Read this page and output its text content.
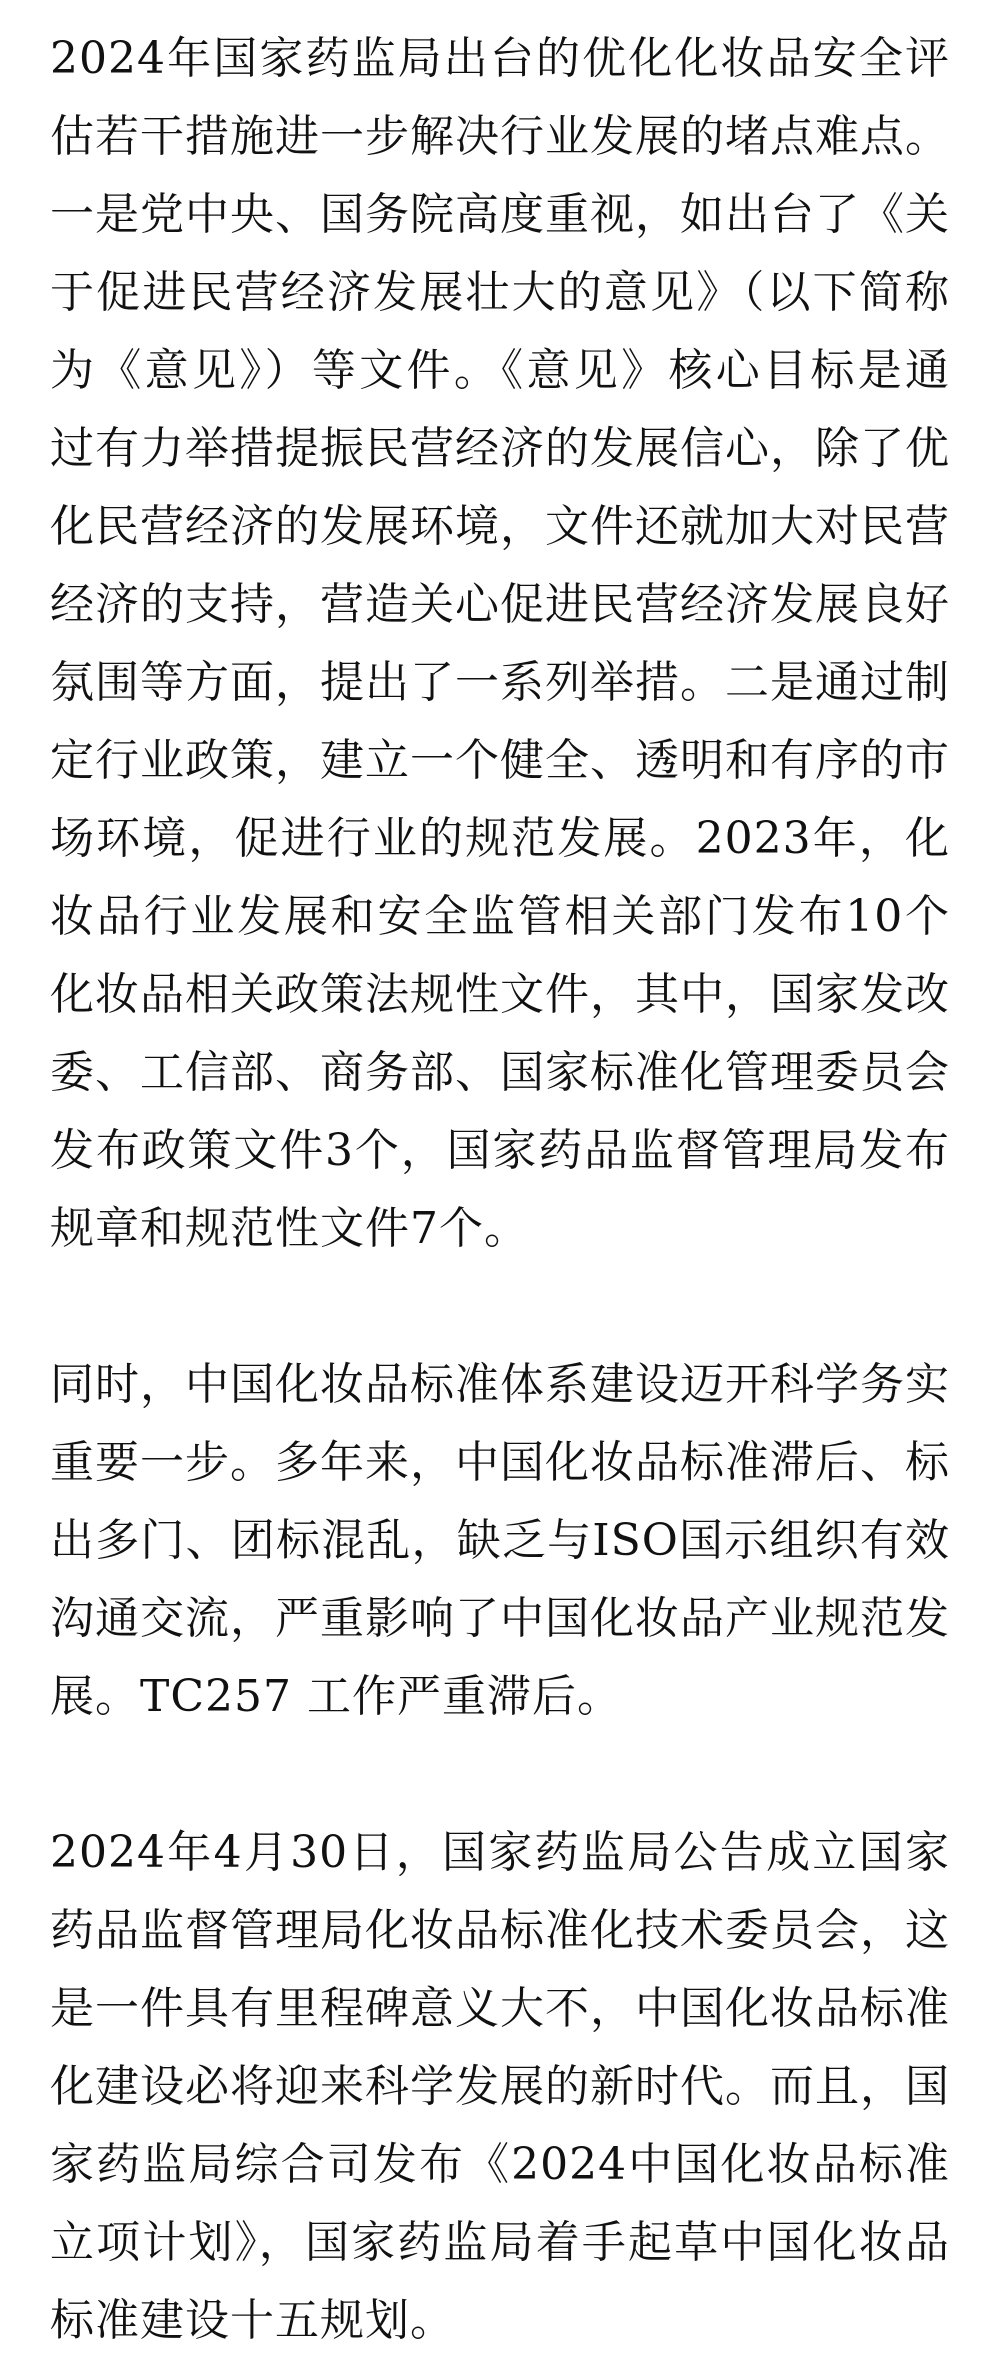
2024年国家药监局出台的优化化妆品安全评估若干措施进一步解决行业发展的堵点难点。一是党中央、国务院高度重视，如出台了《关于促进民营经济发展壮大的意见》（以下简称为《意见》）等文件。《意见》核心目标是通过有力举措提振民营经济的发展信心，除了优化民营经济的发展环境，文件还就加大对民营经济的支持，营造关心促进民营经济发展良好氛围等方面，提出了一系列举措。二是通过制定行业政策，建立一个健全、透明和有序的市场环境，促进行业的规范发展。2023年，化妆品行业发展和安全监管相关部门发布10个化妆品相关政策法规性文件，其中，国家发改委、工信部、商务部、国家标准化管理委员会发布政策文件3个，国家药品监督管理局发布规章和规范性文件7个。

同时，中国化妆品标准体系建设迈开科学务实重要一步。多年来，中国化妆品标准滞后、标出多门、团标混乱，缺乏与ISO国示组织有效沟通交流，严重影响了中国化妆品产业规范发展。TC257 工作严重滞后。

2024年4月30日，国家药监局公告成立国家药品监督管理局化妆品标准化技术委员会，这是一件具有里程碑意义大不，中国化妆品标准化建设必将迎来科学发展的新时代。而且，国家药监局综合司发布《2024中国化妆品标准立项计划》，国家药监局着手起草中国化妆品标准建设十五规划。
